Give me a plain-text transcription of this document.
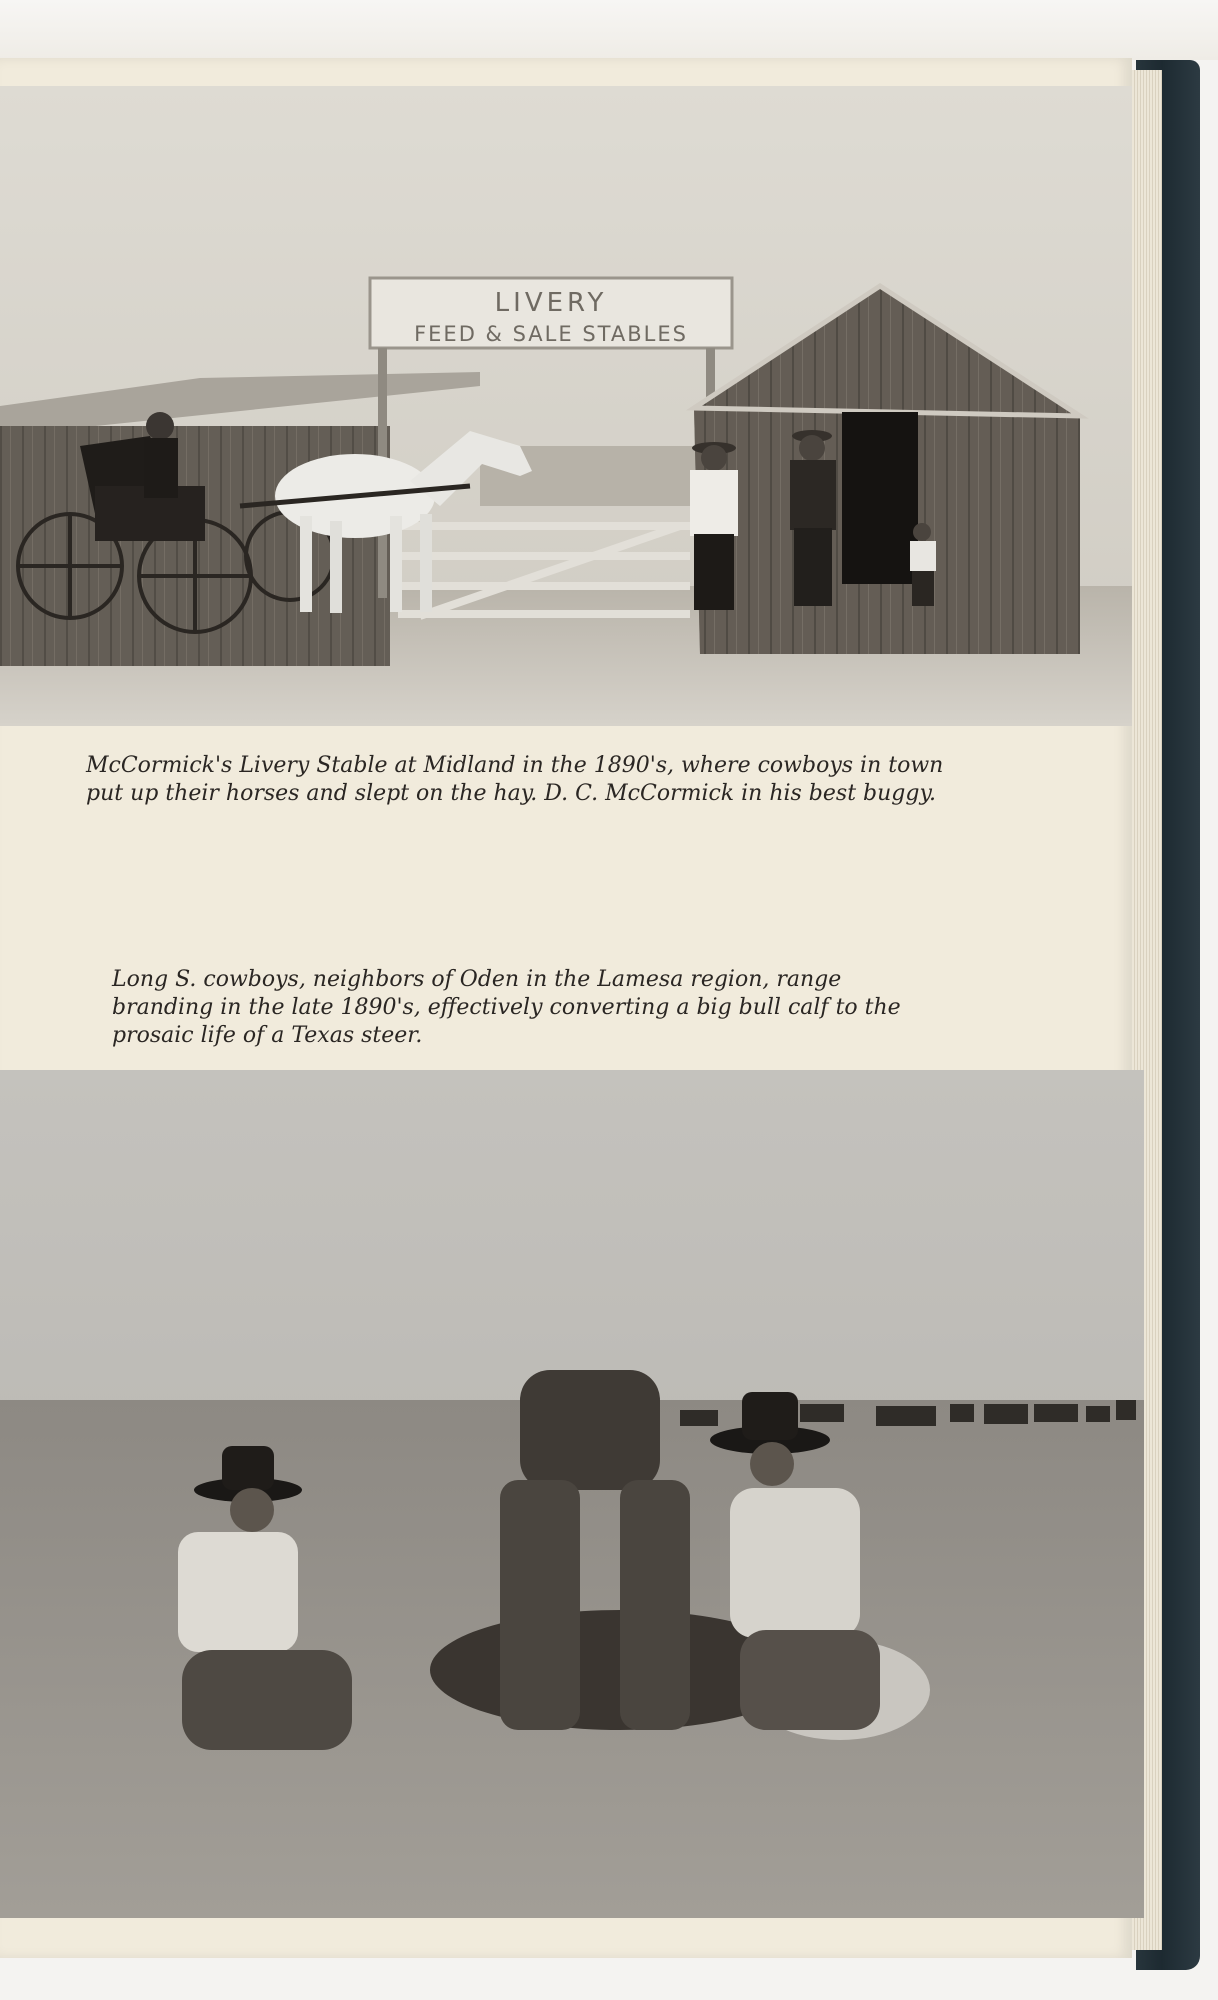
LIVERY
FEED & SALE STABLES

McCormick's Livery Stable at Midland in the 1890's, where cowboys in town put up their horses and slept on the hay. D. C. McCormick in his best buggy.

Long S. cowboys, neighbors of Oden in the Lamesa region, range branding in the late 1890's, effectively converting a big bull calf to the prosaic life of a Texas steer.
